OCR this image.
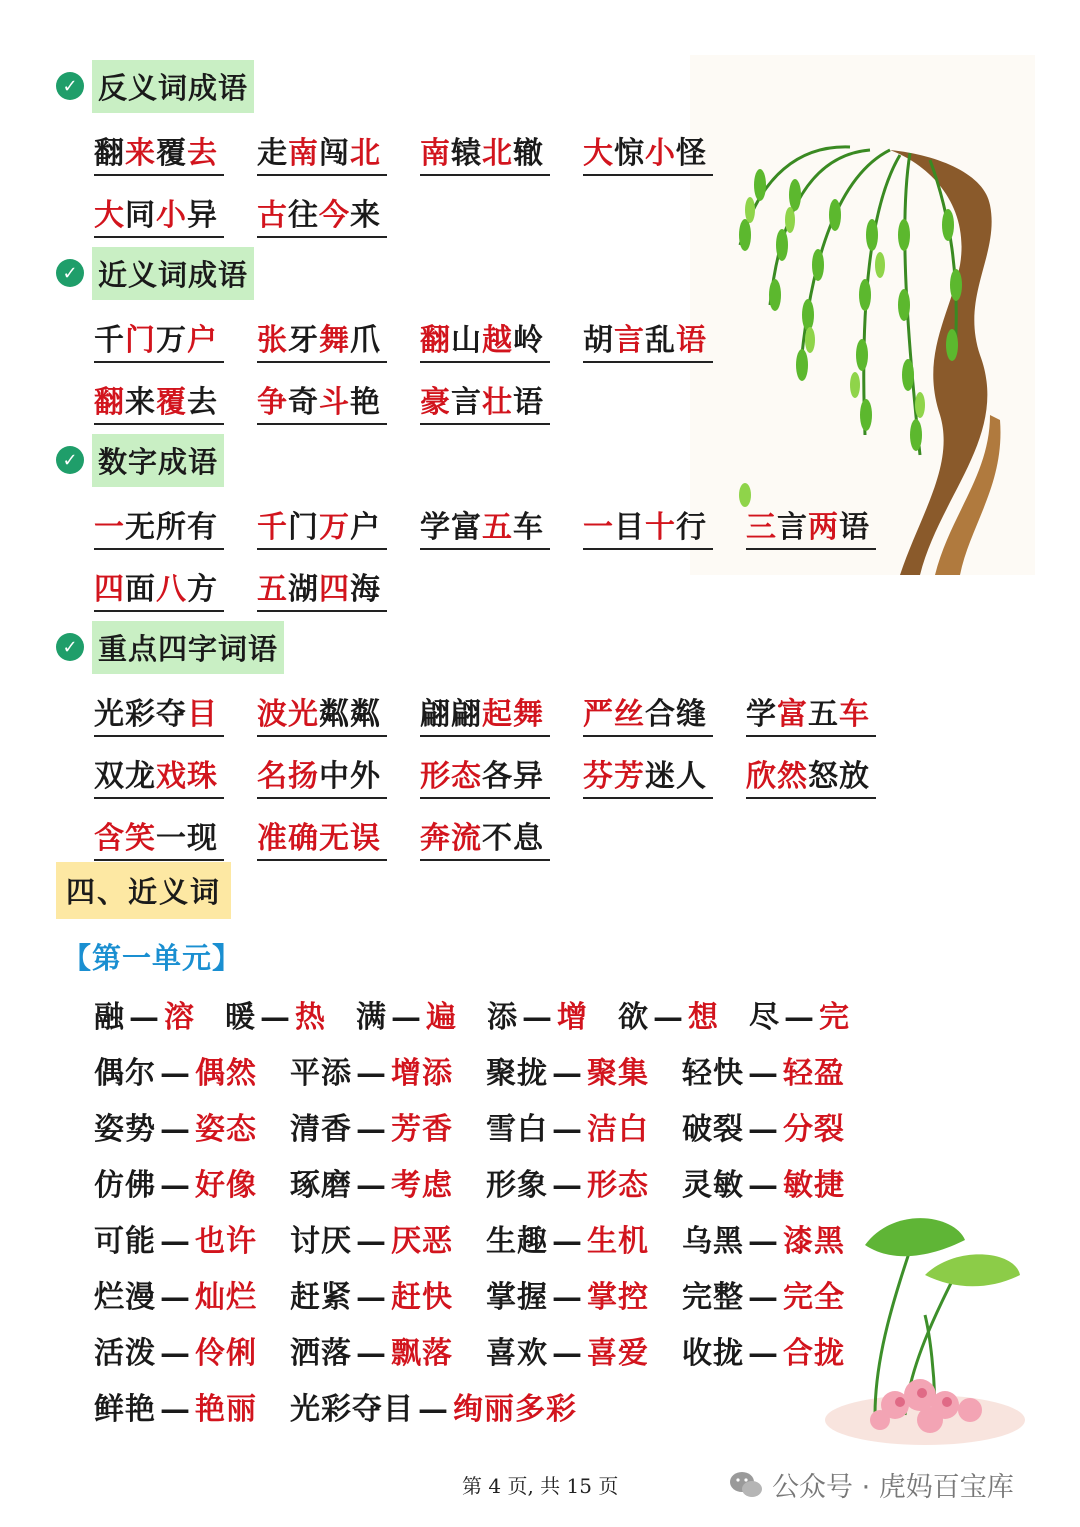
✓ 反义词成语
翻来覆去	走南闯北	南辕北辙	大惊小怪
大同小异	古往今来
✓ 近义词成语
千门万户	张牙舞爪	翻山越岭	胡言乱语
翻来覆去	争奇斗艳	豪言壮语
✓ 数字成语
一无所有	千门万户	学富五车	一目十行	三言两语
四面八方	五湖四海
✓ 重点四字词语
光彩夺目	波光粼粼	翩翩起舞	严丝合缝	学富五车
双龙戏珠	名扬中外	形态各异	芬芳迷人	欣然怒放
含笑一现	准确无误	奔流不息
四、近义词
【第一单元】
融 — 溶	暖 — 热	满 — 遍	添 — 增	欲 — 想	尽 — 完
偶尔 — 偶然	平添 — 增添	聚拢 — 聚集	轻快 — 轻盈
姿势 — 姿态	清香 — 芳香	雪白 — 洁白	破裂 — 分裂
仿佛 — 好像	琢磨 — 考虑	形象 — 形态	灵敏 — 敏捷
可能 — 也许	讨厌 — 厌恶	生趣 — 生机	乌黑 — 漆黑
烂漫 — 灿烂	赶紧 — 赶快	掌握 — 掌控	完整 — 完全
活泼 — 伶俐	洒落 — 飘落	喜欢 — 喜爱	收拢 — 合拢
鲜艳 — 艳丽	光彩夺目 — 绚丽多彩
第 4 页, 共 15 页	公众号 · 虎妈百宝库
